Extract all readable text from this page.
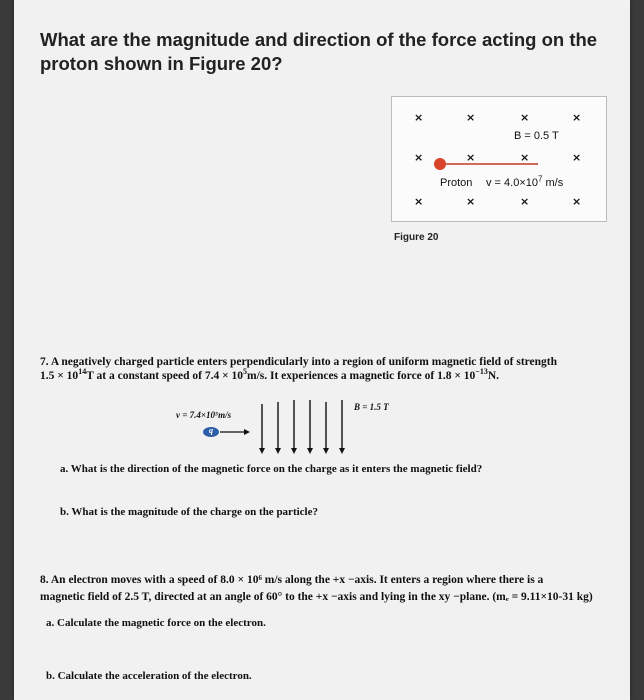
What are the magnitude and direction of the force acting on the proton shown in Figure 20?
×	×	×	×
B = 0.5 T
×	×	×	×
Proton $v = 4.0\times 10^7$ m/s
×	×	×	×
Figure 20
7. A negatively charged particle enters perpendicularly into a region of uniform magnetic field of strength
$1.5 \times 10^{14}T$ at a constant speed of $7.4 \times 10^5m/s$. It experiences a magnetic force of $1.8 \times 10^{-13}N$.
v = 7.4×10⁵m/s
q
B = 1.5 T
a. What is the direction of the magnetic force on the charge as it enters the magnetic field?
b. What is the magnitude of the charge on the particle?
8. An electron moves with a speed of 8.0 × 10⁶ m/s along the +x −axis. It enters a region where there is a
magnetic field of 2.5 T, directed at an angle of 60° to the +x −axis and lying in the xy −plane. (mₑ = 9.11×10-31 kg)
a. Calculate the magnetic force on the electron.
b. Calculate the acceleration of the electron.
